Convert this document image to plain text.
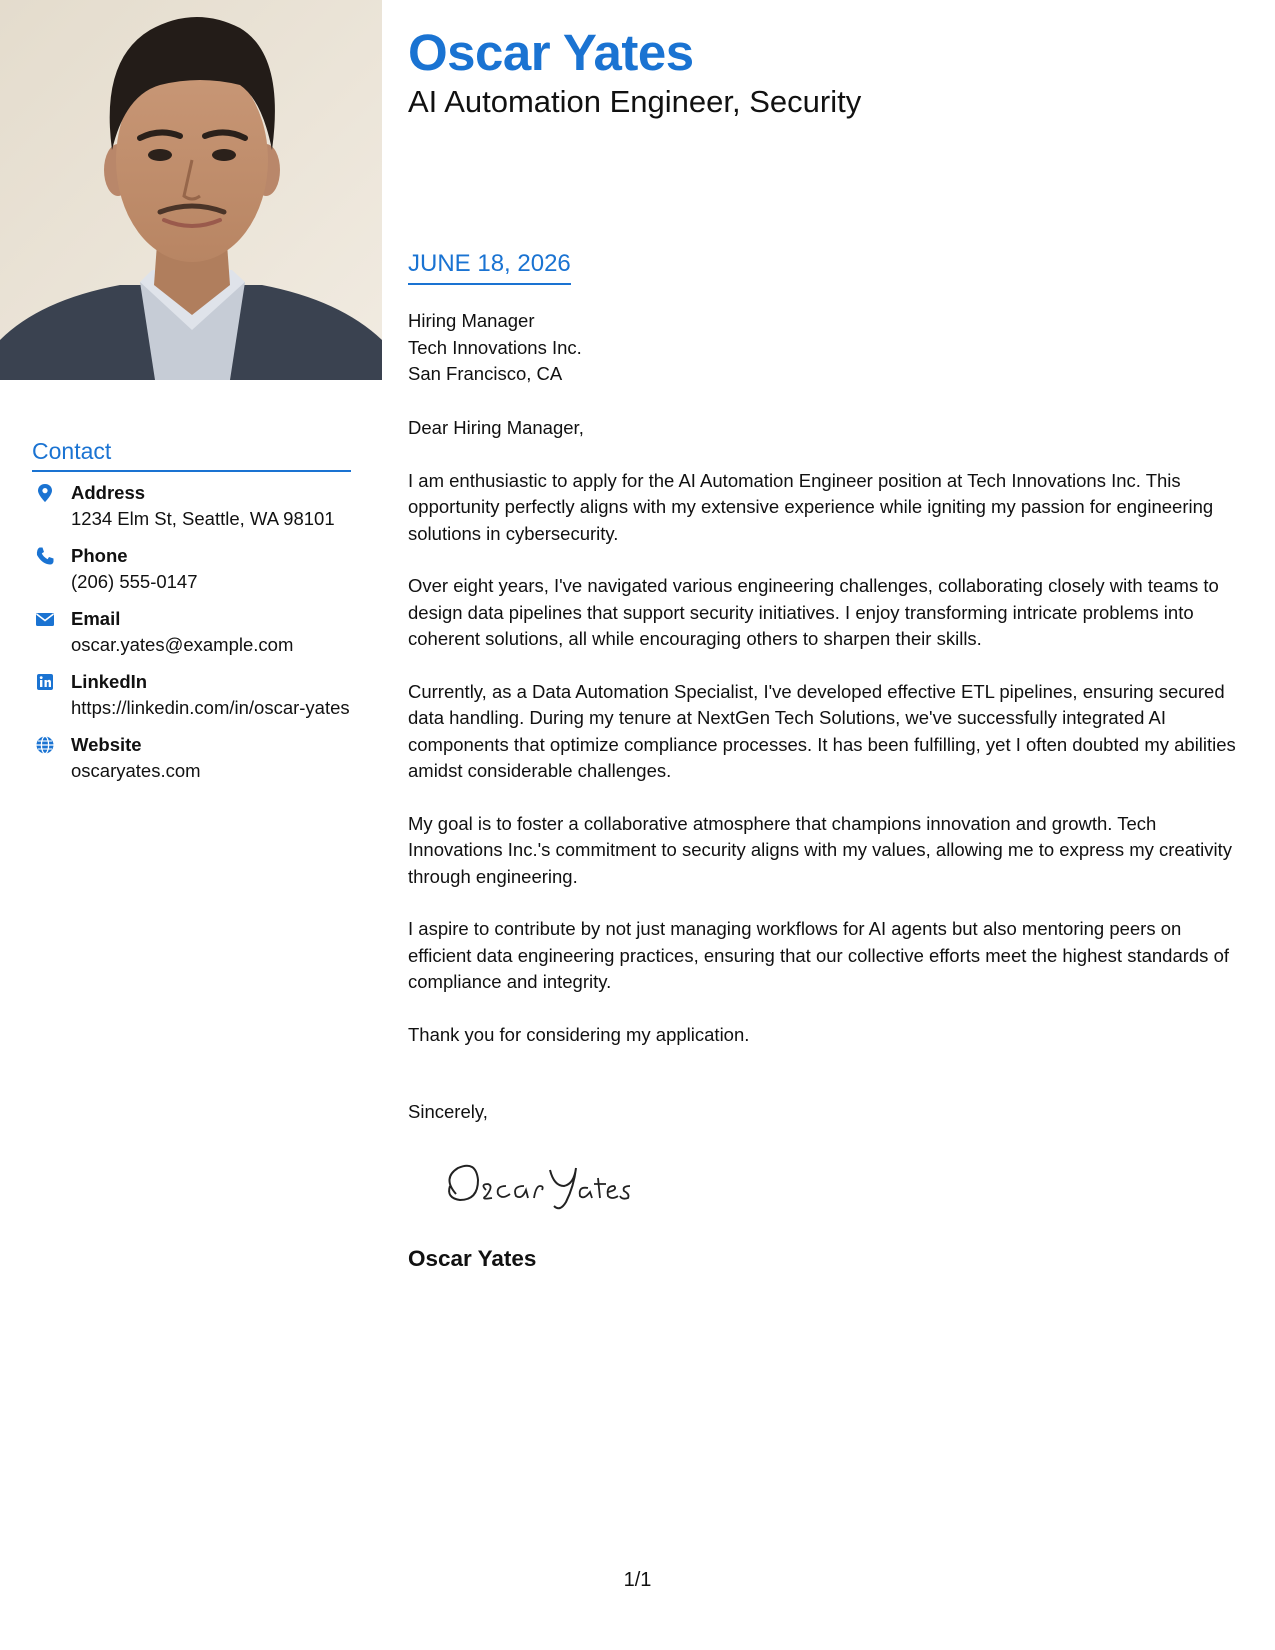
Oscar Yates
AI Automation Engineer, Security
JUNE 18, 2026
Hiring Manager
Tech Innovations Inc.
San Francisco, CA

Dear Hiring Manager,

I am enthusiastic to apply for the AI Automation Engineer position at Tech Innovations Inc. This opportunity perfectly aligns with my extensive experience while igniting my passion for engineering solutions in cybersecurity.

Over eight years, I've navigated various engineering challenges, collaborating closely with teams to design data pipelines that support security initiatives. I enjoy transforming intricate problems into coherent solutions, all while encouraging others to sharpen their skills.

Currently, as a Data Automation Specialist, I've developed effective ETL pipelines, ensuring secured data handling. During my tenure at NextGen Tech Solutions, we've successfully integrated AI components that optimize compliance processes. It has been fulfilling, yet I often doubted my abilities amidst considerable challenges.

My goal is to foster a collaborative atmosphere that champions innovation and growth. Tech Innovations Inc.'s commitment to security aligns with my values, allowing me to express my creativity through engineering.

I aspire to contribute by not just managing workflows for AI agents but also mentoring peers on efficient data engineering practices, ensuring that our collective efforts meet the highest standards of compliance and integrity.

Thank you for considering my application.

Sincerely,
Oscar Yates
Contact
Address
1234 Elm St, Seattle, WA 98101
Phone
(206) 555-0147
Email
oscar.yates@example.com
LinkedIn
https://linkedin.com/in/oscar-yates
Website
oscaryates.com
1/1
